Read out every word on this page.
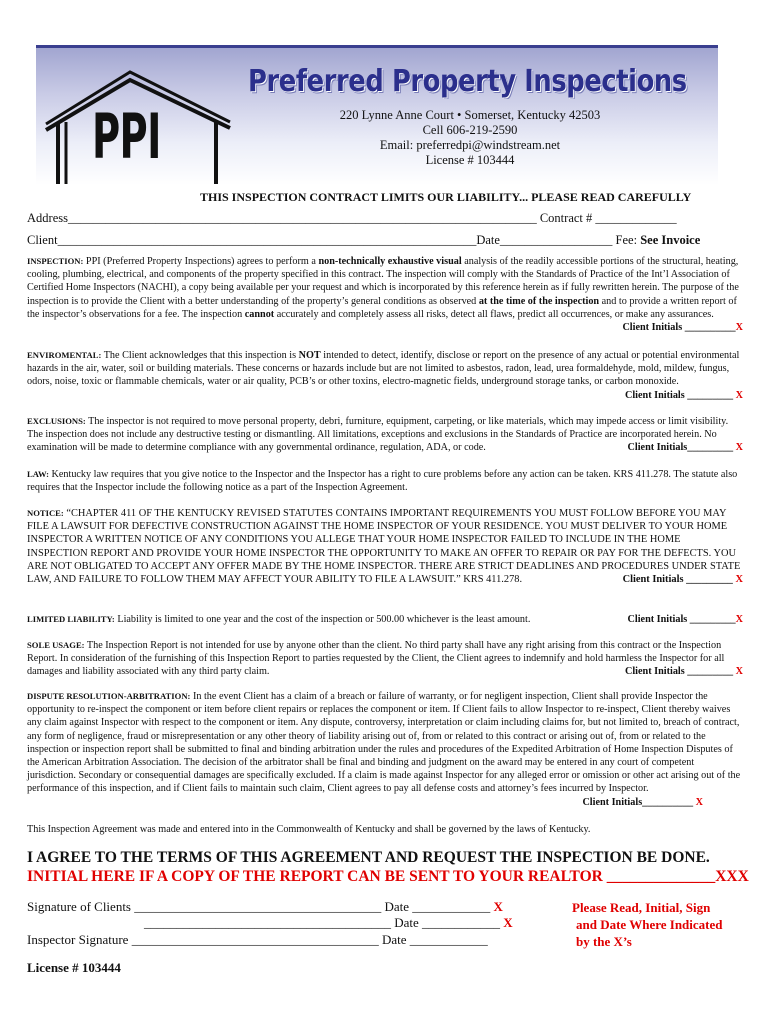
PPI
Preferred Property Inspections
220 Lynne Anne Court • Somerset, Kentucky 42503
Cell 606-219-2590
Email: preferredpi@windstream.net
License # 103444
THIS INSPECTION CONTRACT LIMITS OUR LIABILITY... PLEASE READ CAREFULLY
Address___________________________________________________________________________ Contract # _____________
Client___________________________________________________________________Date__________________ Fee: See Invoice
INSPECTION: PPI (Preferred Property Inspections) agrees to perform a non-technically exhaustive visual analysis of the readily accessible portions of the structural, heating, cooling, plumbing, electrical, and components of the property specified in this contract. The inspection will comply with the Standards of Practice of the Int’l Association of Certified Home Inspectors (NACHI), a copy being available per your request and which is incorporated by this reference herein as if fully rewritten herein. The purpose of the inspection is to provide the Client with a better understanding of the property’s general conditions as observed at the time of the inspection and to provide a written report of the inspector’s observations for a fee. The inspection cannot accurately and completely assess all risks, detect all flaws, predict all occurrences, or make any assurances.
Client Initials __________X
ENVIROMENTAL: The Client acknowledges that this inspection is NOT intended to detect, identify, disclose or report on the presence of any actual or potential environmental hazards in the air, water, soil or building materials. These concerns or hazards include but are not limited to asbestos, radon, lead, urea formaldehyde, mold, mildew, fungus, odors, noise, toxic or flammable chemicals, water or air quality, PCB’s or other toxins, electro-magnetic fields, underground storage tanks, or carbon monoxide.
Client Initials _________ X
EXCLUSIONS: The inspector is not required to move personal property, debri, furniture, equipment, carpeting, or like materials, which may impede access or limit visibility. The inspection does not include any destructive testing or dismantling. All limitations, exceptions and exclusions in the Standards of Practice are incorporated herein. No examination will be made to determine compliance with any governmental ordinance, regulation, ADA, or code.	Client Initials_________ X
LAW: Kentucky law requires that you give notice to the Inspector and the Inspector has a right to cure problems before any action can be taken. KRS 411.278. The statute also requires that the Inspector include the following notice as a part of the Inspection Agreement.
NOTICE: “CHAPTER 411 OF THE KENTUCKY REVISED STATUTES CONTAINS IMPORTANT REQUIREMENTS YOU MUST FOLLOW BEFORE YOU MAY FILE A LAWSUIT FOR DEFECTIVE CONSTRUCTION AGAINST THE HOME INSPECTOR OF YOUR RESIDENCE. YOU MUST DELIVER TO YOUR HOME INSPECTOR A WRITTEN NOTICE OF ANY CONDITIONS YOU ALLEGE THAT YOUR HOME INSPECTOR FAILED TO INCLUDE IN THE HOME INSPECTION REPORT AND PROVIDE YOUR HOME INSPECTOR THE OPPORTUNITY TO MAKE AN OFFER TO REPAIR OR PAY FOR THE DEFECTS. YOU ARE NOT OBLIGATED TO ACCEPT ANY OFFER MADE BY THE HOME INSPECTOR. THERE ARE STRICT DEADLINES AND PROCEDURES UNDER STATE LAW, AND FAILURE TO FOLLOW THEM MAY AFFECT YOUR ABILITY TO FILE A LAWSUIT.” KRS 411.278.	Client Initials _________ X
LIMITED LIABILITY: Liability is limited to one year and the cost of the inspection or 500.00 whichever is the least amount.	Client Initials _________X
SOLE USAGE: The Inspection Report is not intended for use by anyone other than the client. No third party shall have any right arising from this contract or the Inspection Report. In consideration of the furnishing of this Inspection Report to parties requested by the Client, the Client agrees to indemnify and hold harmless the Inspector for all damages and liability associated with any third party claim.	Client Initials _________ X
DISPUTE RESOLUTION-ARBITRATION: In the event Client has a claim of a breach or failure of warranty, or for negligent inspection, Client shall provide Inspector the opportunity to re-inspect the component or item before client repairs or replaces the component or item. If Client fails to allow Inspector to re-inspect, Client thereby waives any claim against Inspector with respect to the component or item. Any dispute, controversy, interpretation or claim including claims for, but not limited to, breach of contract, any form of negligence, fraud or misrepresentation or any other theory of liability arising out of, from or related to this contract or arising out of, from or related to the inspection or inspection report shall be submitted to final and binding arbitration under the rules and procedures of the Expedited Arbitration of Home Inspection Disputes of the American Arbitration Association. The decision of the arbitrator shall be final and binding and judgment on the award may be entered in any court of competent jurisdiction. Secondary or consequential damages are specifically excluded. If a claim is made against Inspector for any alleged error or omission or other act arising out of the performance of this inspection, and if Client fails to maintain such claim, Client agrees to pay all defense costs and attorney’s fees incurred by Inspector.
Client Initials__________ X
This Inspection Agreement was made and entered into in the Commonwealth of Kentucky and shall be governed by the laws of Kentucky.
I AGREE TO THE TERMS OF THIS AGREEMENT AND REQUEST THE INSPECTION BE DONE.
INITIAL HERE IF A COPY OF THE REPORT CAN BE SENT TO YOUR REALTOR ______________XXX
Signature of Clients ______________________________________ Date ____________ X
______________________________________ Date ____________ X
Inspector Signature ______________________________________ Date ____________
Please Read, Initial, Sign
and Date Where Indicated
by the X’s
License # 103444
